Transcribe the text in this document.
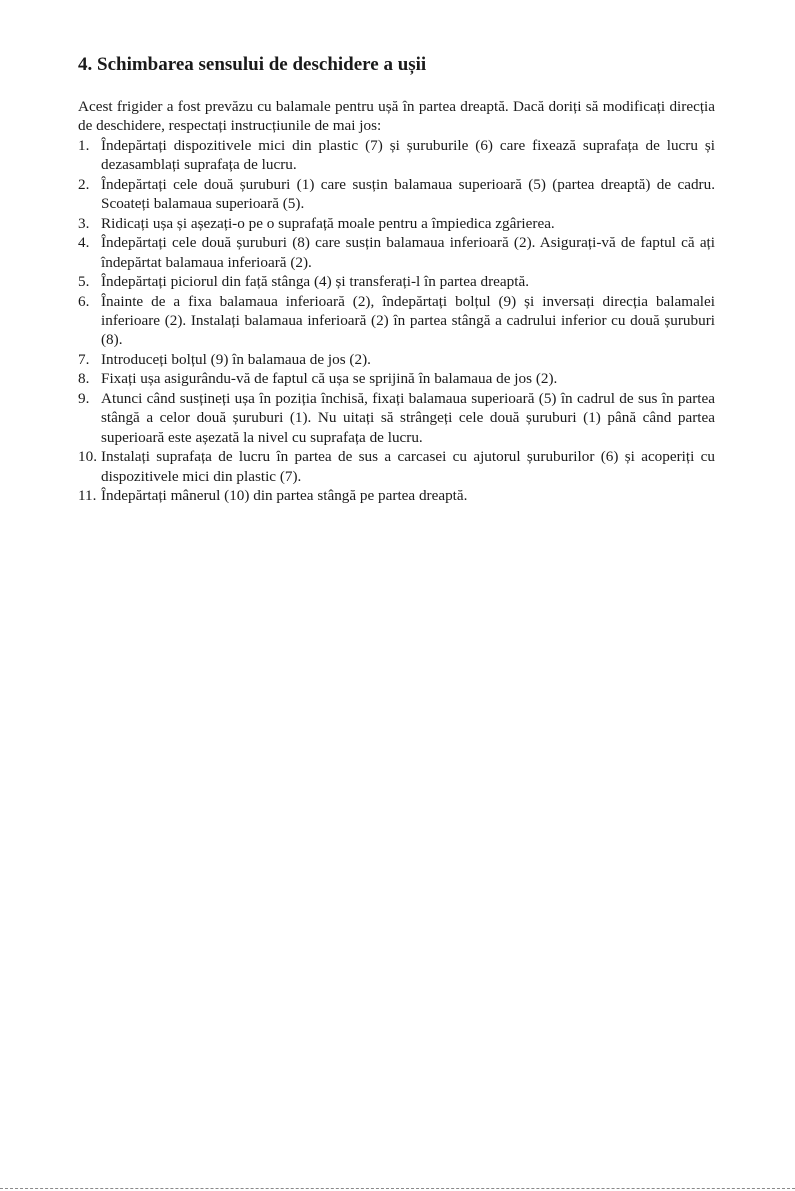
4. Schimbarea sensului de deschidere a ușii

Acest frigider a fost prevăzu cu balamale pentru ușă în partea dreaptă. Dacă doriți să modificați direcția de deschidere, respectați instrucțiunile de mai jos:

1. Îndepărtați dispozitivele mici din plastic (7) și șuruburile (6) care fixează suprafața de lucru și dezasamblați suprafața de lucru.
2. Îndepărtați cele două șuruburi (1) care susțin balamaua superioară (5) (partea dreaptă) de cadru. Scoateți balamaua superioară (5).
3. Ridicați ușa și așezați-o pe o suprafață moale pentru a împiedica zgârierea.
4. Îndepărtați cele două șuruburi (8) care susțin balamaua inferioară (2). Asigurați-vă de faptul că ați îndepărtat balamaua inferioară (2).
5. Îndepărtați piciorul din față stânga (4) și transferați-l în partea dreaptă.
6. Înainte de a fixa balamaua inferioară (2), îndepărtați bolțul (9) și inversați direcția balamalei inferioare (2). Instalați balamaua inferioară (2) în partea stângă a cadrului inferior cu două șuruburi (8).
7. Introduceți bolțul (9) în balamaua de jos (2).
8. Fixați ușa asigurându-vă de faptul că ușa se sprijină în balamaua de jos (2).
9. Atunci când susțineți ușa în poziția închisă, fixați balamaua superioară (5) în cadrul de sus în partea stângă a celor două șuruburi (1). Nu uitați să strângeți cele două șuruburi (1) până când partea superioară este așezată la nivel cu suprafața de lucru.
10. Instalați suprafața de lucru în partea de sus a carcasei cu ajutorul șuruburilor (6) și acoperiți cu dispozitivele mici din plastic (7).
11. Îndepărtați mânerul (10) din partea stângă pe partea dreaptă.
